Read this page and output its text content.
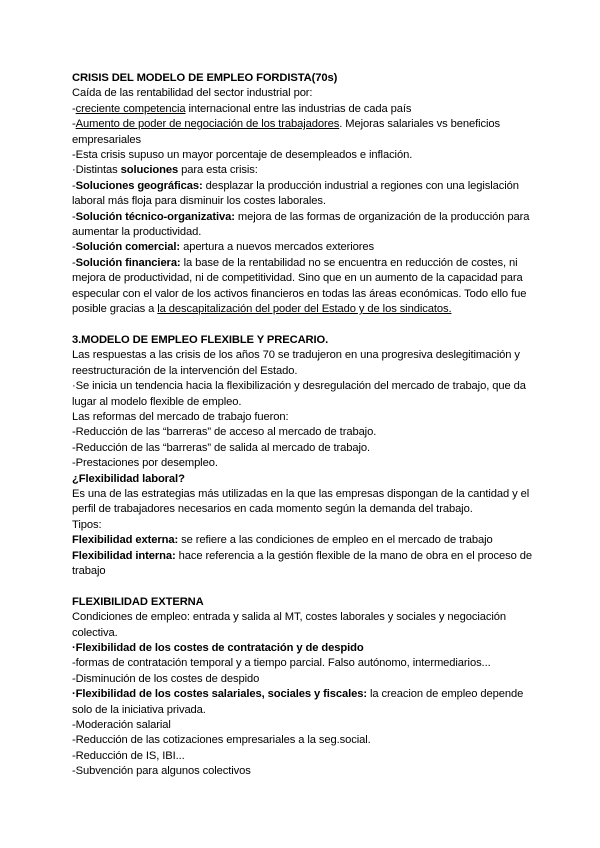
CRISIS DEL MODELO DE EMPLEO FORDISTA(70s)

Caída de las rentabilidad del sector industrial por:

-creciente competencia internacional entre las industrias de cada país

-Aumento de poder de negociación de los trabajadores. Mejoras salariales vs beneficios empresariales

-Esta crisis supuso un mayor porcentaje de desempleados e inflación.

·Distintas soluciones para esta crisis:

-Soluciones geográficas: desplazar la producción industrial a regiones con una legislación laboral más floja para disminuir los costes laborales.

-Solución técnico-organizativa: mejora de las formas de organización de la producción para aumentar la productividad.

-Solución comercial: apertura a nuevos mercados exteriores

-Solución financiera: la base de la rentabilidad no se encuentra en reducción de costes, ni mejora de productividad, ni de competitividad. Sino que en un aumento de la capacidad para especular con el valor de los activos financieros en todas las áreas económicas. Todo ello fue posible gracias a la descapitalización del poder del Estado y de los sindicatos.

3.MODELO DE EMPLEO FLEXIBLE Y PRECARIO.

Las respuestas a las crisis de los años 70 se tradujeron en una progresiva deslegitimación y reestructuración de la intervención del Estado.

·Se inicia un tendencia hacia la flexibilización y desregulación del mercado de trabajo, que da lugar al modelo flexible de empleo.

Las reformas del mercado de trabajo fueron:

-Reducción de las “barreras” de acceso al mercado de trabajo.

-Reducción de las “barreras” de salida al mercado de trabajo.

-Prestaciones por desempleo.

¿Flexibilidad laboral?

Es una de las estrategias más utilizadas en la que las empresas dispongan de la cantidad y el perfil de trabajadores necesarios en cada momento según la demanda del trabajo.

Tipos:

Flexibilidad externa: se refiere a las condiciones de empleo en el mercado de trabajo

Flexibilidad interna: hace referencia a la gestión flexible de la mano de obra en el proceso de trabajo

FLEXIBILIDAD EXTERNA

Condiciones de empleo: entrada y salida al MT, costes laborales y sociales y negociación colectiva.

·Flexibilidad de los costes de contratación y de despido

-formas de contratación temporal y a tiempo parcial. Falso autónomo, intermediarios...

-Disminución de los costes de despido

·Flexibilidad de los costes salariales, sociales y fiscales: la creacion de empleo depende solo de la iniciativa privada.

-Moderación salarial

-Reducción de las cotizaciones empresariales a la seg.social.

-Reducción de IS, IBI...

-Subvención para algunos colectivos
